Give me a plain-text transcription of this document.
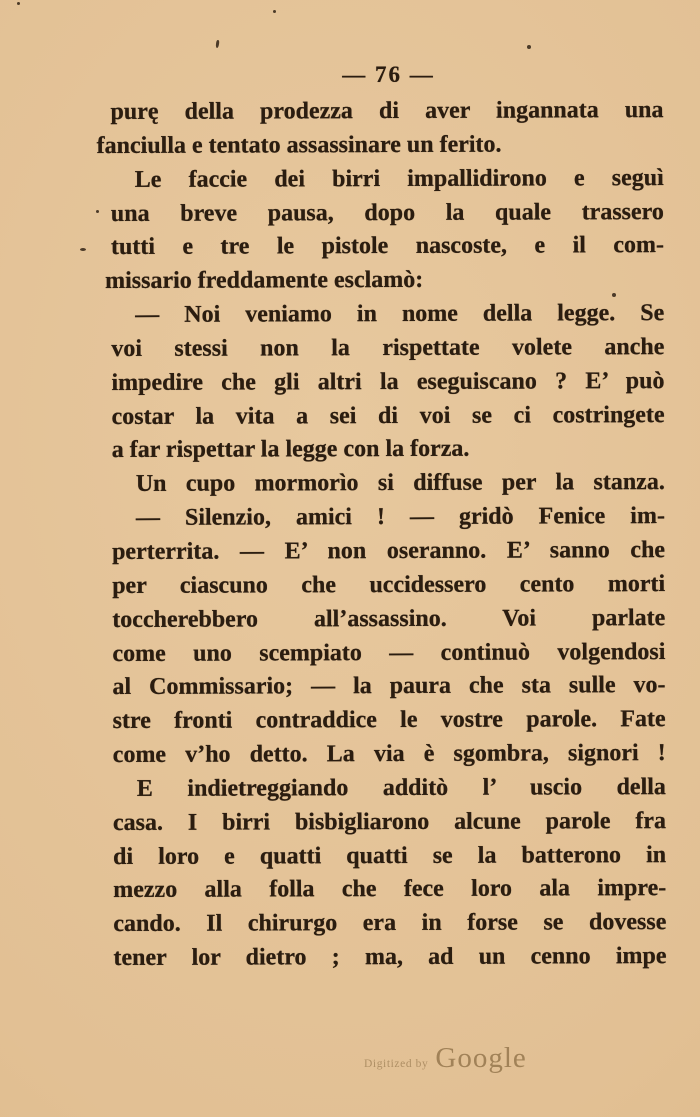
— 76 —
purę della prodezza di aver ingannata una
fanciulla e tentato assassinare un ferito.
Le faccie dei birri impallidirono e seguì
una breve pausa, dopo la quale trassero
tutti e tre le pistole nascoste, e il com-
missario freddamente esclamò:
— Noi veniamo in nome della legge. Se
voi stessi non la rispettate volete anche
impedire che gli altri la eseguiscano ? E’ può
costar la vita a sei di voi se ci costringete
a far rispettar la legge con la forza.
Un cupo mormorìo si diffuse per la stanza.
— Silenzio, amici ! — gridò Fenice im-
perterrita. — E’ non oseranno. E’ sanno che
per ciascuno che uccidessero cento morti
toccherebbero all’assassino. Voi parlate
come uno scempiato — continuò volgendosi
al Commissario; — la paura che sta sulle vo-
stre fronti contraddice le vostre parole. Fate
come v’ho detto. La via è sgombra, signori !
E indietreggiando additò l’ uscio della
casa. I birri bisbigliarono alcune parole fra
di loro e quatti quatti se la batterono in
mezzo alla folla che fece loro ala impre-
cando. Il chirurgo era in forse se dovesse
tener lor dietro ; ma, ad un cenno impe
Digitized by Google
